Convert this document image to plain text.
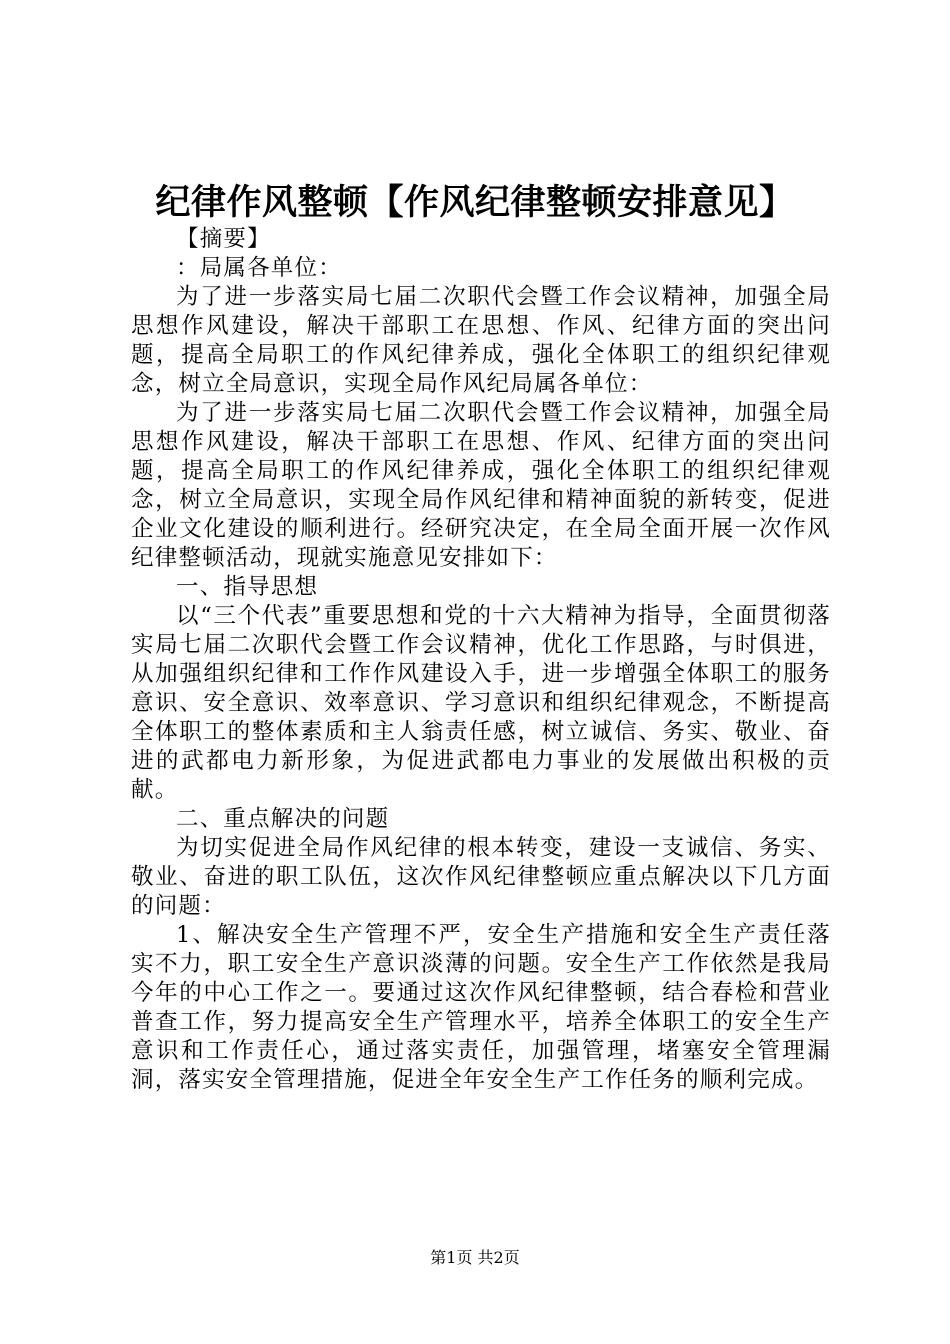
纪律作风整顿【作风纪律整顿安排意见】

【摘要】

：局属各单位：

为了进一步落实局七届二次职代会暨工作会议精神，加强全局思想作风建设，解决干部职工在思想、作风、纪律方面的突出问题，提高全局职工的作风纪律养成，强化全体职工的组织纪律观念，树立全局意识，实现全局作风纪局属各单位：

为了进一步落实局七届二次职代会暨工作会议精神，加强全局思想作风建设，解决干部职工在思想、作风、纪律方面的突出问题，提高全局职工的作风纪律养成，强化全体职工的组织纪律观念，树立全局意识，实现全局作风纪律和精神面貌的新转变，促进企业文化建设的顺利进行。经研究决定，在全局全面开展一次作风纪律整顿活动，现就实施意见安排如下：

一、指导思想

以“三个代表”重要思想和党的十六大精神为指导，全面贯彻落实局七届二次职代会暨工作会议精神，优化工作思路，与时俱进，从加强组织纪律和工作作风建设入手，进一步增强全体职工的服务意识、安全意识、效率意识、学习意识和组织纪律观念，不断提高全体职工的整体素质和主人翁责任感，树立诚信、务实、敬业、奋进的武都电力新形象，为促进武都电力事业的发展做出积极的贡献。

二、重点解决的问题

为切实促进全局作风纪律的根本转变，建设一支诚信、务实、敬业、奋进的职工队伍，这次作风纪律整顿应重点解决以下几方面的问题：

1、解决安全生产管理不严，安全生产措施和安全生产责任落实不力，职工安全生产意识淡薄的问题。安全生产工作依然是我局今年的中心工作之一。要通过这次作风纪律整顿，结合春检和营业普查工作，努力提高安全生产管理水平，培养全体职工的安全生产意识和工作责任心，通过落实责任，加强管理，堵塞安全管理漏洞，落实安全管理措施，促进全年安全生产工作任务的顺利完成。

第1页 共2页
